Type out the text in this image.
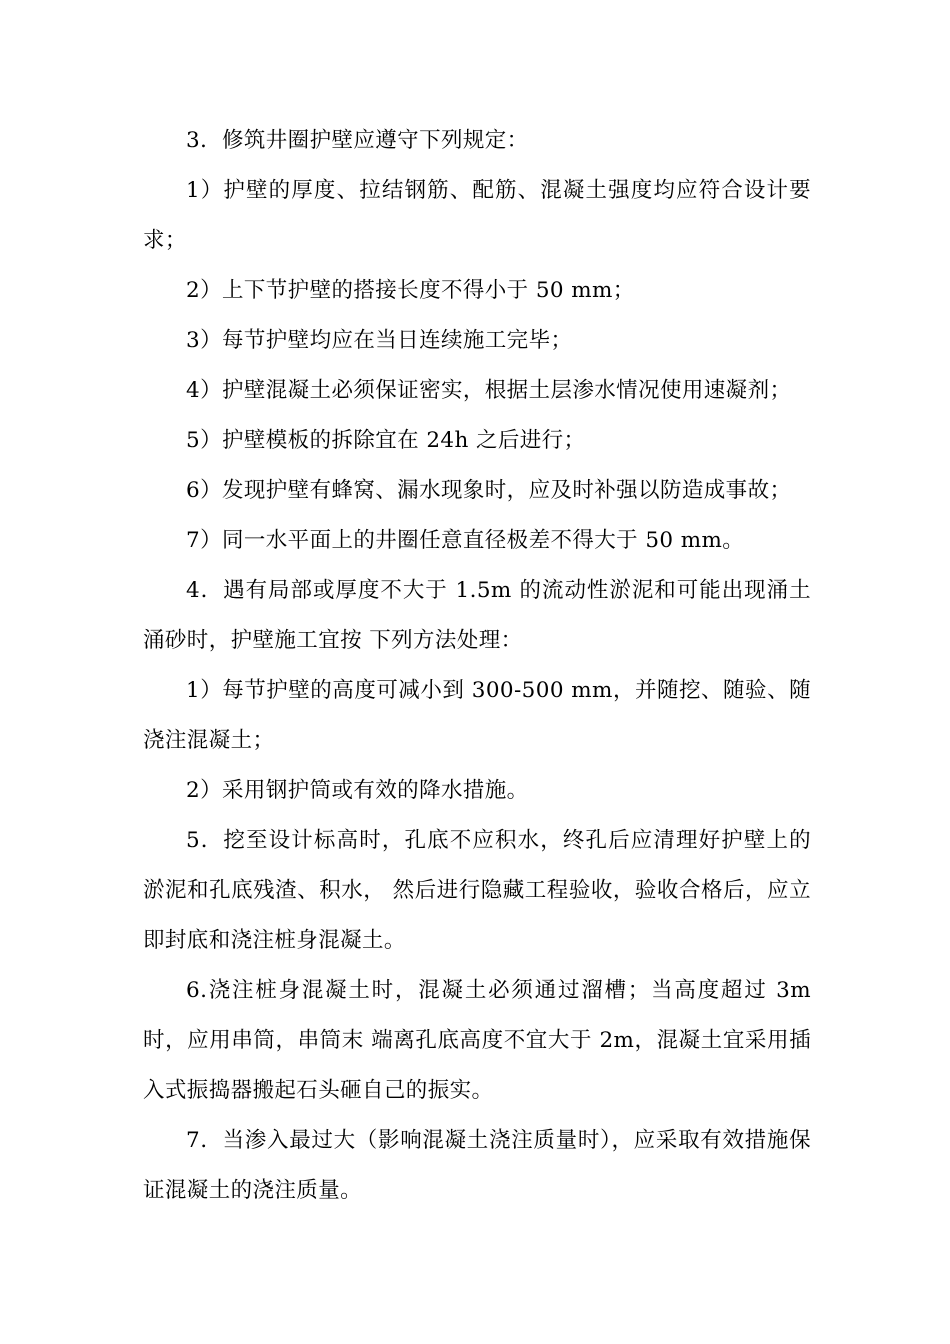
3．修筑井圈护壁应遵守下列规定：

1）护壁的厚度、拉结钢筋、配筋、混凝土强度均应符合设计要求；

2）上下节护壁的搭接长度不得小于 50 mm；

3）每节护壁均应在当日连续施工完毕；

4）护壁混凝土必须保证密实，根据土层渗水情况使用速凝剂；

5）护壁模板的拆除宜在 24h 之后进行；

6）发现护壁有蜂窝、漏水现象时，应及时补强以防造成事故；

7）同一水平面上的井圈任意直径极差不得大于 50 mm。

4．遇有局部或厚度不大于 1.5m 的流动性淤泥和可能出现涌土涌砂时，护壁施工宜按 下列方法处理：

1）每节护壁的高度可减小到 300-500 mm，并随挖、随验、随浇注混凝土；

2）采用钢护筒或有效的降水措施。

5．挖至设计标高时，孔底不应积水，终孔后应清理好护壁上的淤泥和孔底残渣、积水， 然后进行隐藏工程验收，验收合格后，应立即封底和浇注桩身混凝土。

6.浇注桩身混凝土时，混凝土必须通过溜槽；当高度超过 3m 时，应用串筒，串筒末 端离孔底高度不宜大于 2m，混凝土宜采用插入式振捣器搬起石头砸自己的振实。

7．当渗入最过大（影响混凝土浇注质量时），应采取有效措施保证混凝土的浇注质量。
